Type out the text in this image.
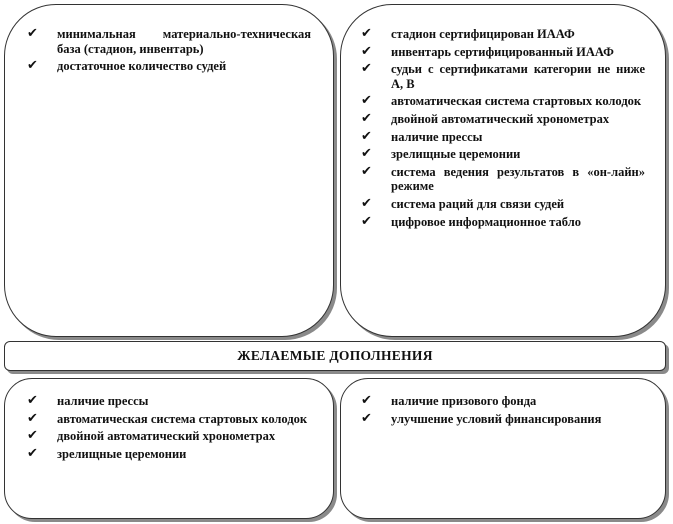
✔ минимальная материально-техническая база (стадион, инвентарь)
✔ достаточное количество судей
✔ стадион сертифицирован ИААФ
✔ инвентарь сертифицированный ИААФ
✔ судьи с сертификатами категории не ниже А, В
✔ автоматическая система стартовых колодок
✔ двойной автоматический хронометрах
✔ наличие прессы
✔ зрелищные церемонии
✔ система ведения результатов в «он-лайн» режиме
✔ система раций для связи судей
✔ цифровое информационное табло
ЖЕЛАЕМЫЕ ДОПОЛНЕНИЯ
✔ наличие прессы
✔ автоматическая система стартовых колодок
✔ двойной автоматический хронометрах
✔ зрелищные церемонии
✔ наличие призового фонда
✔ улучшение условий финансирования
